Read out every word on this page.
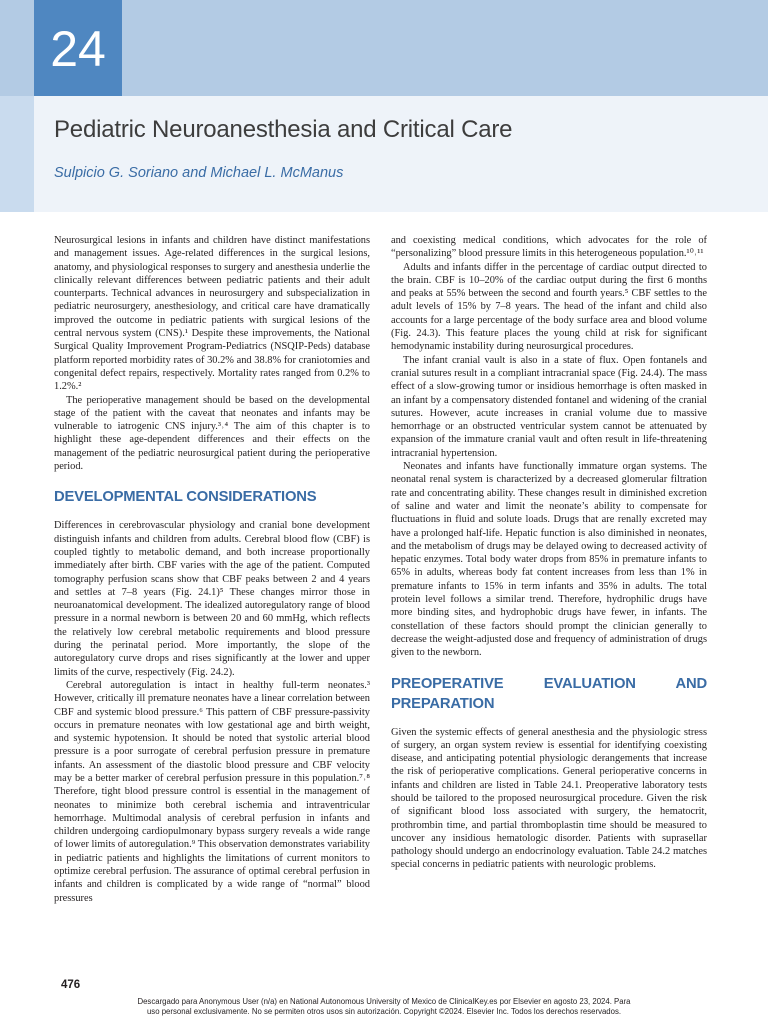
24
Pediatric Neuroanesthesia and Critical Care
Sulpicio G. Soriano and Michael L. McManus

Neurosurgical lesions in infants and children have distinct manifestations and management issues. Age-related differences in the surgical lesions, anatomy, and physiological responses to surgery and anesthesia underlie the clinically relevant differences between pediatric patients and their adult counterparts. Technical advances in neurosurgery and subspecialization in pediatric neurosurgery, anesthesiology, and critical care have dramatically improved the outcome in pediatric patients with surgical lesions of the central nervous system (CNS).¹ Despite these improvements, the National Surgical Quality Improvement Program-Pediatrics (NSQIP-Peds) database platform reported morbidity rates of 30.2% and 38.8% for craniotomies and congenital defect repairs, respectively. Mortality rates ranged from 0.2% to 1.2%.²

The perioperative management should be based on the developmental stage of the patient with the caveat that neonates and infants may be vulnerable to iatrogenic CNS injury.³˒⁴ The aim of this chapter is to highlight these age-dependent differences and their effects on the management of the pediatric neurosurgical patient during the perioperative period.

DEVELOPMENTAL CONSIDERATIONS

Differences in cerebrovascular physiology and cranial bone development distinguish infants and children from adults. Cerebral blood flow (CBF) is coupled tightly to metabolic demand, and both increase proportionally immediately after birth. CBF varies with the age of the patient. Computed tomography perfusion scans show that CBF peaks between 2 and 4 years and settles at 7–8 years (Fig. 24.1)⁵ These changes mirror those in neuroanatomical development. The idealized autoregulatory range of blood pressure in a normal newborn is between 20 and 60 mmHg, which reflects the relatively low cerebral metabolic requirements and blood pressure during the perinatal period. More importantly, the slope of the autoregulatory curve drops and rises significantly at the lower and upper limits of the curve, respectively (Fig. 24.2).

Cerebral autoregulation is intact in healthy full-term neonates.³ However, critically ill premature neonates have a linear correlation between CBF and systemic blood pressure.⁶ This pattern of CBF pressure-passivity occurs in premature neonates with low gestational age and birth weight, and systemic hypotension. It should be noted that systolic arterial blood pressure is a poor surrogate of cerebral perfusion pressure in premature infants. An assessment of the diastolic blood pressure and CBF velocity may be a better marker of cerebral perfusion pressure in this population.⁷˒⁸ Therefore, tight blood pressure control is essential in the management of neonates to minimize both cerebral ischemia and intraventricular hemorrhage. Multimodal analysis of cerebral perfusion in infants and children undergoing cardiopulmonary bypass surgery reveals a wide range of lower limits of autoregulation.⁹ This observation demonstrates variability in pediatric patients and highlights the limitations of current monitors to optimize cerebral perfusion. The assurance of optimal cerebral perfusion in infants and children is complicated by a wide range of “normal” blood pressures

and coexisting medical conditions, which advocates for the role of “personalizing” blood pressure limits in this heterogeneous population.¹⁰˒¹¹

Adults and infants differ in the percentage of cardiac output directed to the brain. CBF is 10–20% of the cardiac output during the first 6 months and peaks at 55% between the second and fourth years.⁵ CBF settles to the adult levels of 15% by 7–8 years. The head of the infant and child also accounts for a large percentage of the body surface area and blood volume (Fig. 24.3). This feature places the young child at risk for significant hemodynamic instability during neurosurgical procedures.

The infant cranial vault is also in a state of flux. Open fontanels and cranial sutures result in a compliant intracranial space (Fig. 24.4). The mass effect of a slow-growing tumor or insidious hemorrhage is often masked in an infant by a compensatory distended fontanel and widening of the cranial sutures. However, acute increases in cranial volume due to massive hemorrhage or an obstructed ventricular system cannot be attenuated by expansion of the immature cranial vault and often result in life-threatening intracranial hypertension.

Neonates and infants have functionally immature organ systems. The neonatal renal system is characterized by a decreased glomerular filtration rate and concentrating ability. These changes result in diminished excretion of saline and water and limit the neonate’s ability to compensate for fluctuations in fluid and solute loads. Drugs that are renally excreted may have a prolonged half-life. Hepatic function is also diminished in neonates, and the metabolism of drugs may be delayed owing to decreased activity of hepatic enzymes. Total body water drops from 85% in premature infants to 65% in adults, whereas body fat content increases from less than 1% in premature infants to 15% in term infants and 35% in adults. The total protein level follows a similar trend. Therefore, hydrophilic drugs have more binding sites, and hydrophobic drugs have fewer, in infants. The constellation of these factors should prompt the clinician generally to decrease the weight-adjusted dose and frequency of administration of drugs given to the newborn.

PREOPERATIVE EVALUATION AND PREPARATION

Given the systemic effects of general anesthesia and the physiologic stress of surgery, an organ system review is essential for identifying coexisting disease, and anticipating potential physiologic derangements that increase the risk of perioperative complications. General perioperative concerns in infants and children are listed in Table 24.1. Preoperative laboratory tests should be tailored to the proposed neurosurgical procedure. Given the risk of significant blood loss associated with surgery, the hematocrit, prothrombin time, and partial thromboplastin time should be measured to uncover any insidious hematologic disorder. Patients with suprasellar pathology should undergo an endocrinology evaluation. Table 24.2 matches special concerns in pediatric patients with neurologic problems.

476
Descargado para Anonymous User (n/a) en National Autonomous University of Mexico de ClinicalKey.es por Elsevier en agosto 23, 2024. Para
uso personal exclusivamente. No se permiten otros usos sin autorización. Copyright ©2024. Elsevier Inc. Todos los derechos reservados.
